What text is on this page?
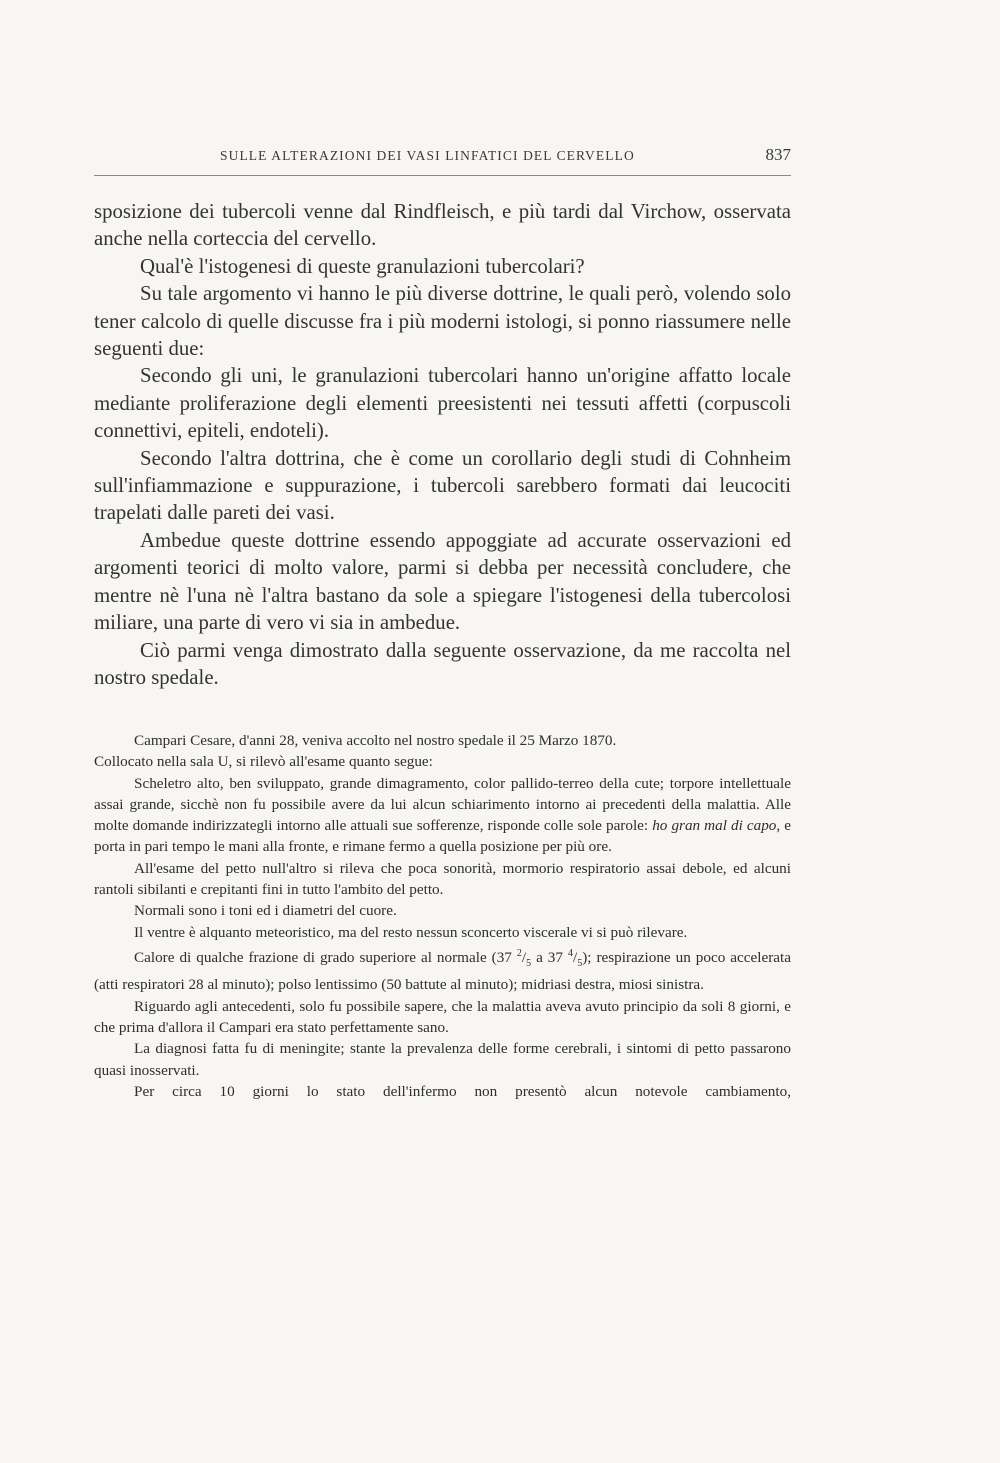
SULLE ALTERAZIONI DEI VASI LINFATICI DEL CERVELLO	837

sposizione dei tubercoli venne dal Rindfleisch, e più tardi dal Virchow, osservata anche nella corteccia del cervello.

Qual'è l'istogenesi di queste granulazioni tubercolari?

Su tale argomento vi hanno le più diverse dottrine, le quali però, volendo solo tener calcolo di quelle discusse fra i più moderni istologi, si ponno riassumere nelle seguenti due:

Secondo gli uni, le granulazioni tubercolari hanno un'origine affatto locale mediante proliferazione degli elementi preesistenti nei tessuti affetti (corpuscoli connettivi, epiteli, endoteli).

Secondo l'altra dottrina, che è come un corollario degli studi di Cohnheim sull'infiammazione e suppurazione, i tubercoli sarebbero formati dai leucociti trapelati dalle pareti dei vasi.

Ambedue queste dottrine essendo appoggiate ad accurate osservazioni ed argomenti teorici di molto valore, parmi si debba per necessità concludere, che mentre nè l'una nè l'altra bastano da sole a spiegare l'istogenesi della tubercolosi miliare, una parte di vero vi sia in ambedue.

Ciò parmi venga dimostrato dalla seguente osservazione, da me raccolta nel nostro spedale.

Campari Cesare, d'anni 28, veniva accolto nel nostro spedale il 25 Marzo 1870.

Collocato nella sala U, si rilevò all'esame quanto segue:

Scheletro alto, ben sviluppato, grande dimagramento, color pallido-terreo della cute; torpore intellettuale assai grande, sicchè non fu possibile avere da lui alcun schiarimento intorno ai precedenti della malattia. Alle molte domande indirizzategli intorno alle attuali sue sofferenze, risponde colle sole parole: ho gran mal di capo, e porta in pari tempo le mani alla fronte, e rimane fermo a quella posizione per più ore.

All'esame del petto null'altro si rileva che poca sonorità, mormorio respiratorio assai debole, ed alcuni rantoli sibilanti e crepitanti fini in tutto l'ambito del petto.

Normali sono i toni ed i diametri del cuore.

Il ventre è alquanto meteoristico, ma del resto nessun sconcerto viscerale vi si può rilevare.

Calore di qualche frazione di grado superiore al normale (37 $^2/_5$ a 37 $^4/_5$); respirazione un poco accelerata (atti respiratori 28 al minuto); polso lentissimo (50 battute al minuto); midriasi destra, miosi sinistra.

Riguardo agli antecedenti, solo fu possibile sapere, che la malattia aveva avuto principio da soli 8 giorni, e che prima d'allora il Campari era stato perfettamente sano.

La diagnosi fatta fu di meningite; stante la prevalenza delle forme cerebrali, i sintomi di petto passarono quasi inosservati.

Per circa 10 giorni lo stato dell'infermo non presentò alcun notevole cambiamento,
